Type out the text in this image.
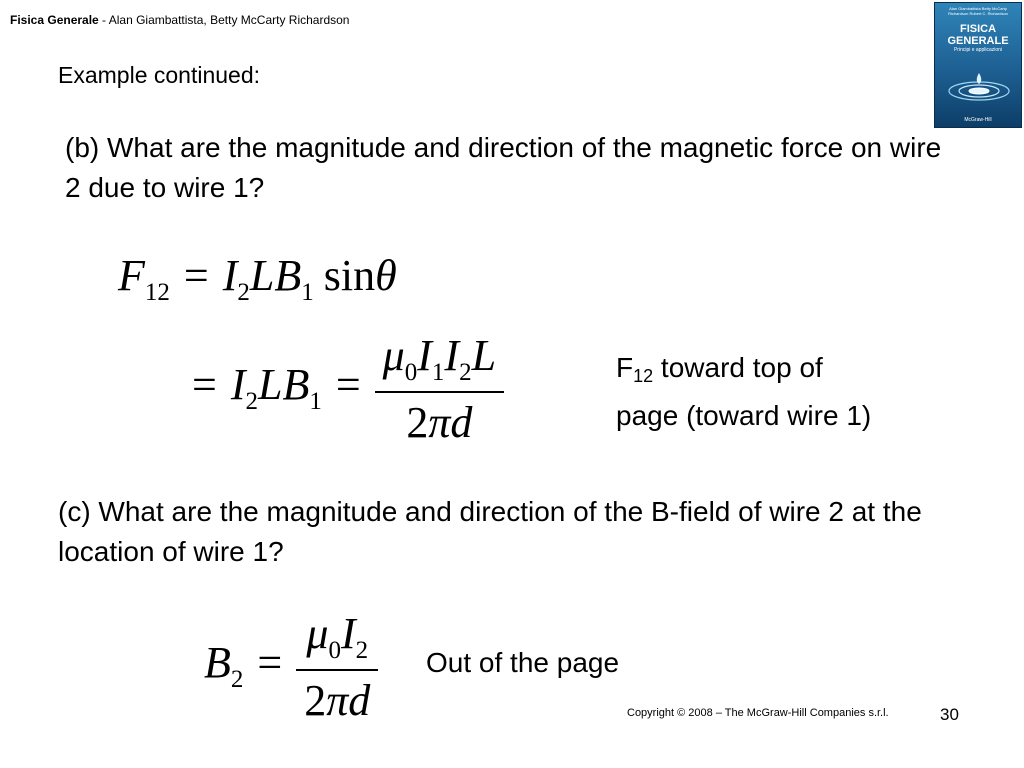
Fisica Generale - Alan Giambattista, Betty McCarty Richardson
Alan Giambattista Betty McCarty Richardson Robert C. Richardson
FISICA
GENERALE
Principi e applicazioni
McGraw-Hill
Example continued:
(b) What are the magnitude and direction of the magnetic force on wire 2 due to wire 1?
$F_{12} = I_2LB_1$ sinθ
= $I_2LB_1 = \frac{\mu_0I_1I_2L}{2\pi d}$	F12 toward top of
page (toward wire 1)
(c) What are the magnitude and direction of the B-field of wire 2 at the location of wire 1?
$B_2 = \frac{\mu_0I_2}{2\pi d}$ Out of the page
Copyright © 2008 – The McGraw-Hill Companies s.r.l.	30
